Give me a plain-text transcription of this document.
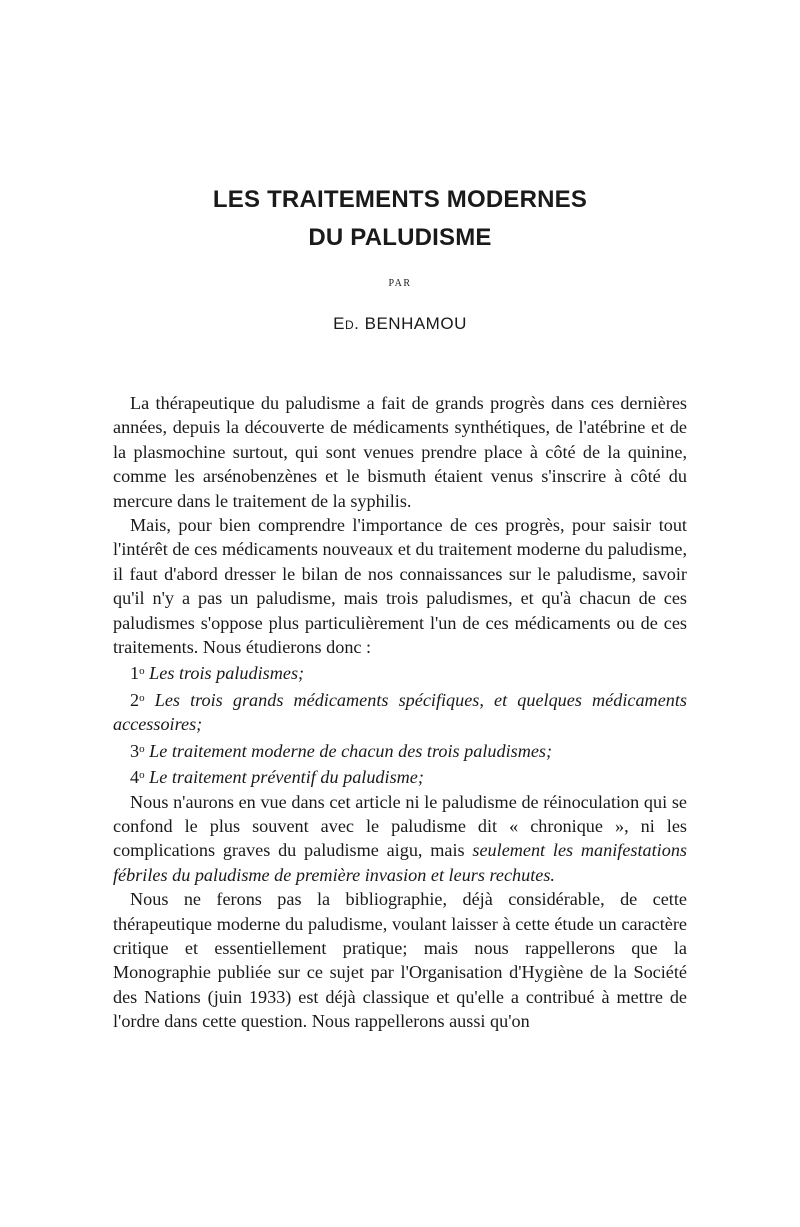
LES TRAITEMENTS MODERNES
DU PALUDISME
PAR
Ed. BENHAMOU

La thérapeutique du paludisme a fait de grands progrès dans ces dernières années, depuis la découverte de médicaments synthétiques, de l'atébrine et de la plasmochine surtout, qui sont venues prendre place à côté de la quinine, comme les arsénobenzènes et le bismuth étaient venus s'inscrire à côté du mercure dans le traitement de la syphilis.

Mais, pour bien comprendre l'importance de ces progrès, pour saisir tout l'intérêt de ces médicaments nouveaux et du traitement moderne du paludisme, il faut d'abord dresser le bilan de nos connaissances sur le paludisme, savoir qu'il n'y a pas un paludisme, mais trois paludismes, et qu'à chacun de ces paludismes s'oppose plus particulièrement l'un de ces médicaments ou de ces traitements. Nous étudierons donc :

1$^o$ Les trois paludismes;

2$^o$ Les trois grands médicaments spécifiques, et quelques médicaments accessoires;

3$^o$ Le traitement moderne de chacun des trois paludismes;

4$^o$ Le traitement préventif du paludisme;

Nous n'aurons en vue dans cet article ni le paludisme de réinoculation qui se confond le plus souvent avec le paludisme dit « chronique », ni les complications graves du paludisme aigu, mais seulement les manifestations fébriles du paludisme de première invasion et leurs rechutes.

Nous ne ferons pas la bibliographie, déjà considérable, de cette thérapeutique moderne du paludisme, voulant laisser à cette étude un caractère critique et essentiellement pratique; mais nous rappellerons que la Monographie publiée sur ce sujet par l'Organisation d'Hygiène de la Société des Nations (juin 1933) est déjà classique et qu'elle a contribué à mettre de l'ordre dans cette question. Nous rappellerons aussi qu'on
